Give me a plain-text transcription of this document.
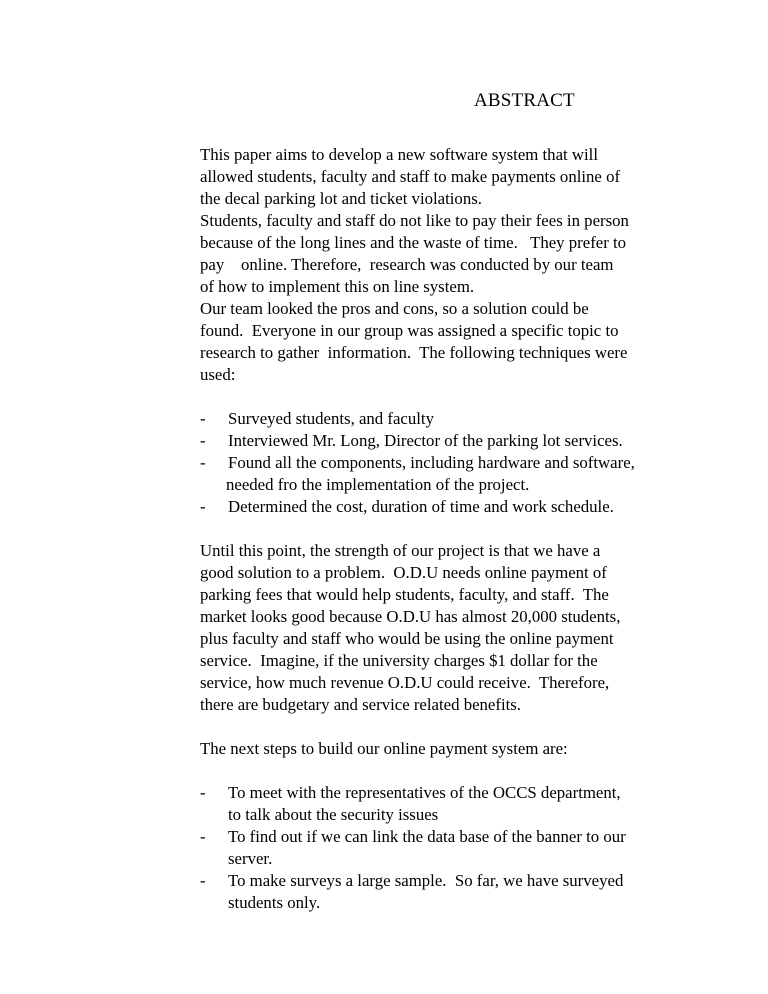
ABSTRACT
This paper aims to develop a new software system that will
allowed students, faculty and staff to make payments online of
the decal parking lot and ticket violations.
Students, faculty and staff do not like to pay their fees in person
because of the long lines and the waste of time.   They prefer to
pay    online. Therefore,  research was conducted by our team
of how to implement this on line system.
Our team looked the pros and cons, so a solution could be
found.  Everyone in our group was assigned a specific topic to
research to gather  information.  The following techniques were
used:
-	Surveyed students, and faculty
-	Interviewed Mr. Long, Director of the parking lot services.
-	Found all the components, including hardware and software,
needed fro the implementation of the project.
-	Determined the cost, duration of time and work schedule.
Until this point, the strength of our project is that we have a
good solution to a problem.  O.D.U needs online payment of
parking fees that would help students, faculty, and staff.  The
market looks good because O.D.U has almost 20,000 students,
plus faculty and staff who would be using the online payment
service.  Imagine, if the university charges $1 dollar for the
service, how much revenue O.D.U could receive.  Therefore,
there are budgetary and service related benefits.
The next steps to build our online payment system are:
-	To meet with the representatives of the OCCS department,
to talk about the security issues
-	To find out if we can link the data base of the banner to our
server.
-	To make surveys a large sample.  So far, we have surveyed
students only.
